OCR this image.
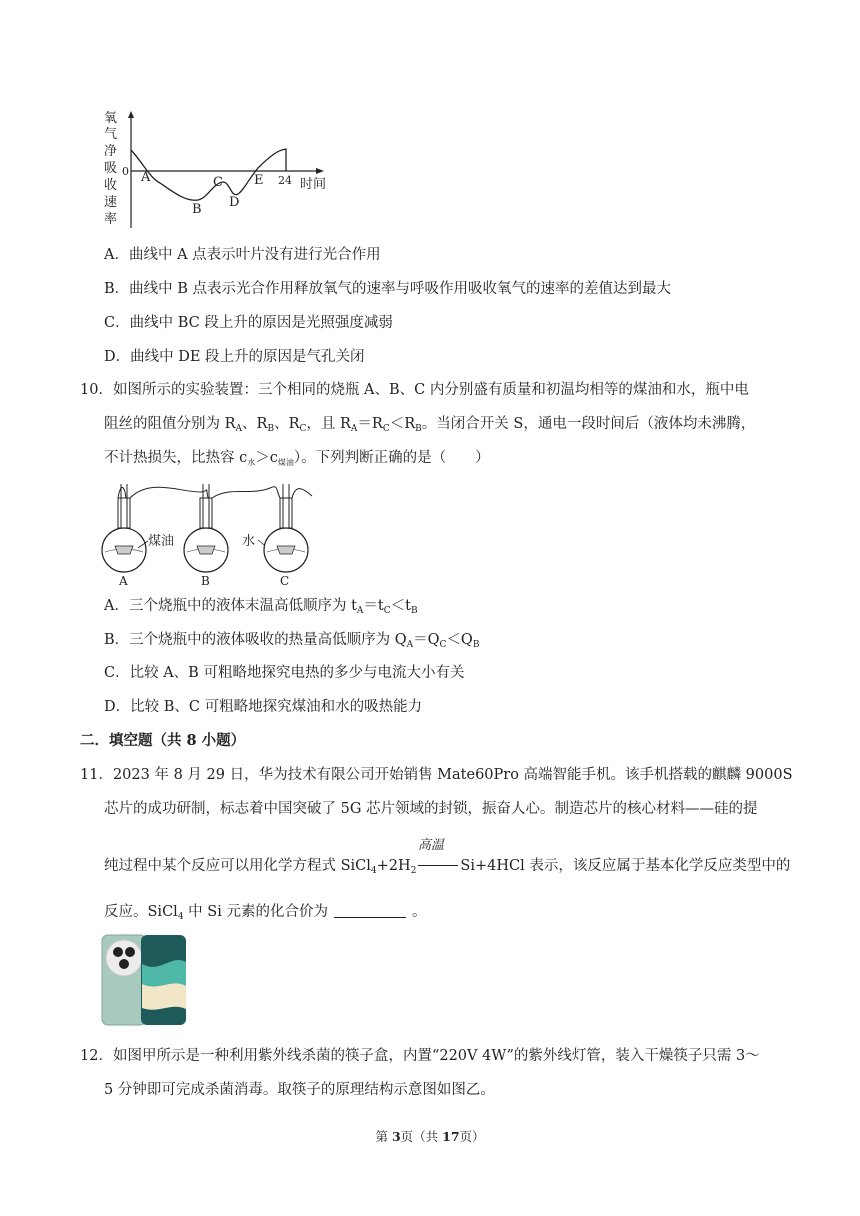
氧
气
净
吸
收
速
率
0 A
B
C
D
E 24 时间
A．曲线中 A 点表示叶片没有进行光合作用
B．曲线中 B 点表示光合作用释放氧气的速率与呼吸作用吸收氧气的速率的差值达到最大
C．曲线中 BC 段上升的原因是光照强度减弱
D．曲线中 DE 段上升的原因是气孔关闭
10．如图所示的实验装置：三个相同的烧瓶 A、B、C 内分别盛有质量和初温均相等的煤油和水，瓶中电
阻丝的阻值分别为 $R_A$、$R_B$、$R_C$，且 $R_A=R_C<R_B$。当闭合开关 S，通电一段时间后（液体均未沸腾，
不计热损失，比热容 $c_水>c_{煤油}$）。下列判断正确的是（　　）
A
煤油
B
水
C
A．三个烧瓶中的液体末温高低顺序为 $t_A=t_C<t_B$
B．三个烧瓶中的液体吸收的热量高低顺序为 $Q_A=Q_C<Q_B$
C．比较 A、B 可粗略地探究电热的多少与电流大小有关
D．比较 B、C 可粗略地探究煤油和水的吸热能力
二．填空题（共 8 小题）
11．2023 年 8 月 29 日，华为技术有限公司开始销售 Mate60Pro 高端智能手机。该手机搭载的麒麟 9000S
芯片的成功研制，标志着中国突破了 5G 芯片领域的封锁，振奋人心。制造芯片的核心材料——硅的提
高温
纯过程中某个反应可以用化学方程式 $SiCl_4+2H_2$	Si+4HCl 表示，该反应属于基本化学反应类型中的
反应。SiCl$_4$ 中 Si 元素的化合价为	。
12．如图甲所示是一种利用紫外线杀菌的筷子盒，内置“220V 4W”的紫外线灯管，装入干燥筷子只需 3～
5 分钟即可完成杀菌消毒。取筷子的原理结构示意图如图乙。
第 3页（共 17页）
